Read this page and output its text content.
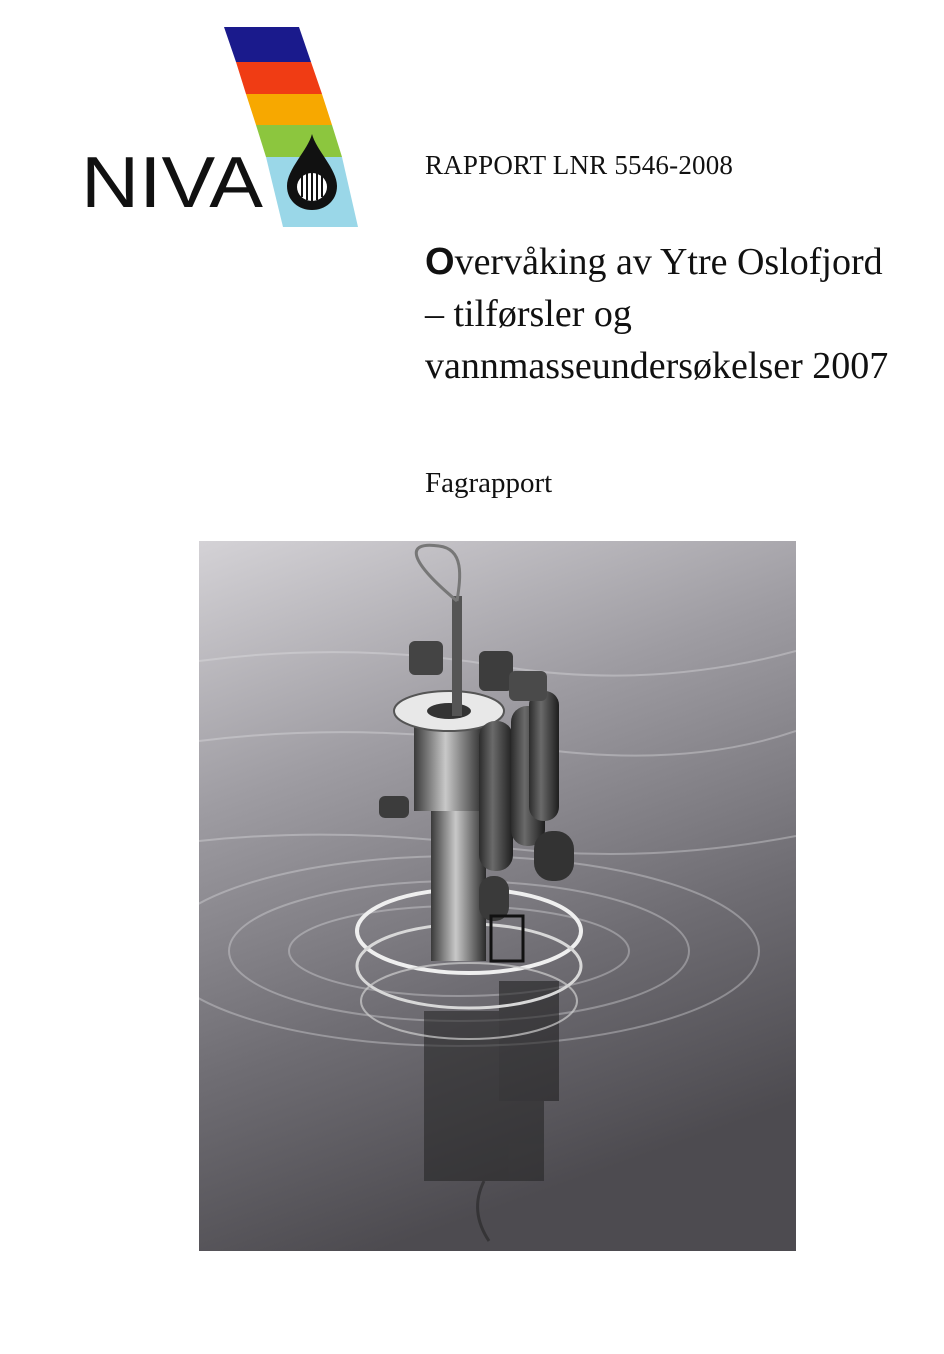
NIVA	RAPPORT LNR 5546-2008
Overvåking av Ytre Oslofjord – tilførsler og vannmasseundersøkelser 2007
Fagrapport
